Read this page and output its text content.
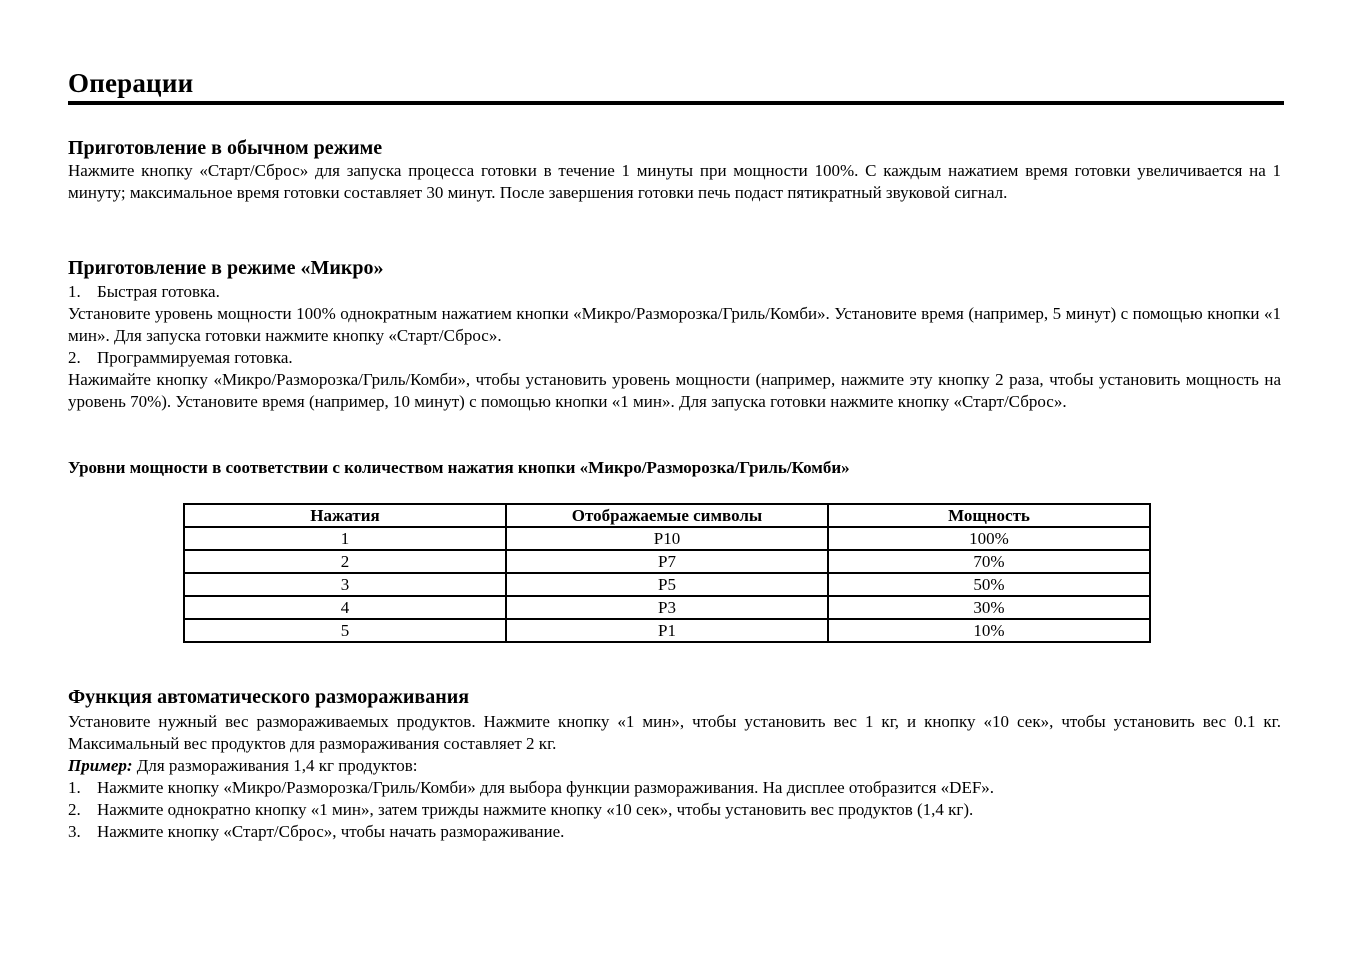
Операции
Приготовление в обычном режиме

Нажмите кнопку «Старт/Сброс» для запуска процесса готовки в течение 1 минуты при мощности 100%. С каждым нажатием время готовки увеличивается на 1 минуту; максимальное время готовки составляет 30 минут. После завершения готовки печь подаст пятикратный звуковой сигнал.

Приготовление в режиме «Микро»

1. Быстрая готовка.

Установите уровень мощности 100% однократным нажатием кнопки «Микро/Разморозка/Гриль/Комби». Установите время (например, 5 минут) с помощью кнопки «1 мин». Для запуска готовки нажмите кнопку «Старт/Сброс».

2. Программируемая готовка.

Нажимайте кнопку «Микро/Разморозка/Гриль/Комби», чтобы установить уровень мощности (например, нажмите эту кнопку 2 раза, чтобы установить мощность на уровень 70%). Установите время (например, 10 минут) с помощью кнопки «1 мин». Для запуска готовки нажмите кнопку «Старт/Сброс».

Уровни мощности в соответствии с количеством нажатия кнопки «Микро/Разморозка/Гриль/Комби»

Нажатия	Отображаемые символы	Мощность
1	P10	100%
2	P7	70%
3	P5	50%
4	P3	30%
5	P1	10%
Функция автоматического размораживания

Установите нужный вес размораживаемых продуктов. Нажмите кнопку «1 мин», чтобы установить вес 1 кг, и кнопку «10 сек», чтобы установить вес 0.1 кг. Максимальный вес продуктов для размораживания составляет 2 кг.

Пример: Для размораживания 1,4 кг продуктов:

1. Нажмите кнопку «Микро/Разморозка/Гриль/Комби» для выбора функции размораживания. На дисплее отобразится «DEF».

2. Нажмите однократно кнопку «1 мин», затем трижды нажмите кнопку «10 сек», чтобы установить вес продуктов (1,4 кг).

3. Нажмите кнопку «Старт/Сброс», чтобы начать размораживание.
